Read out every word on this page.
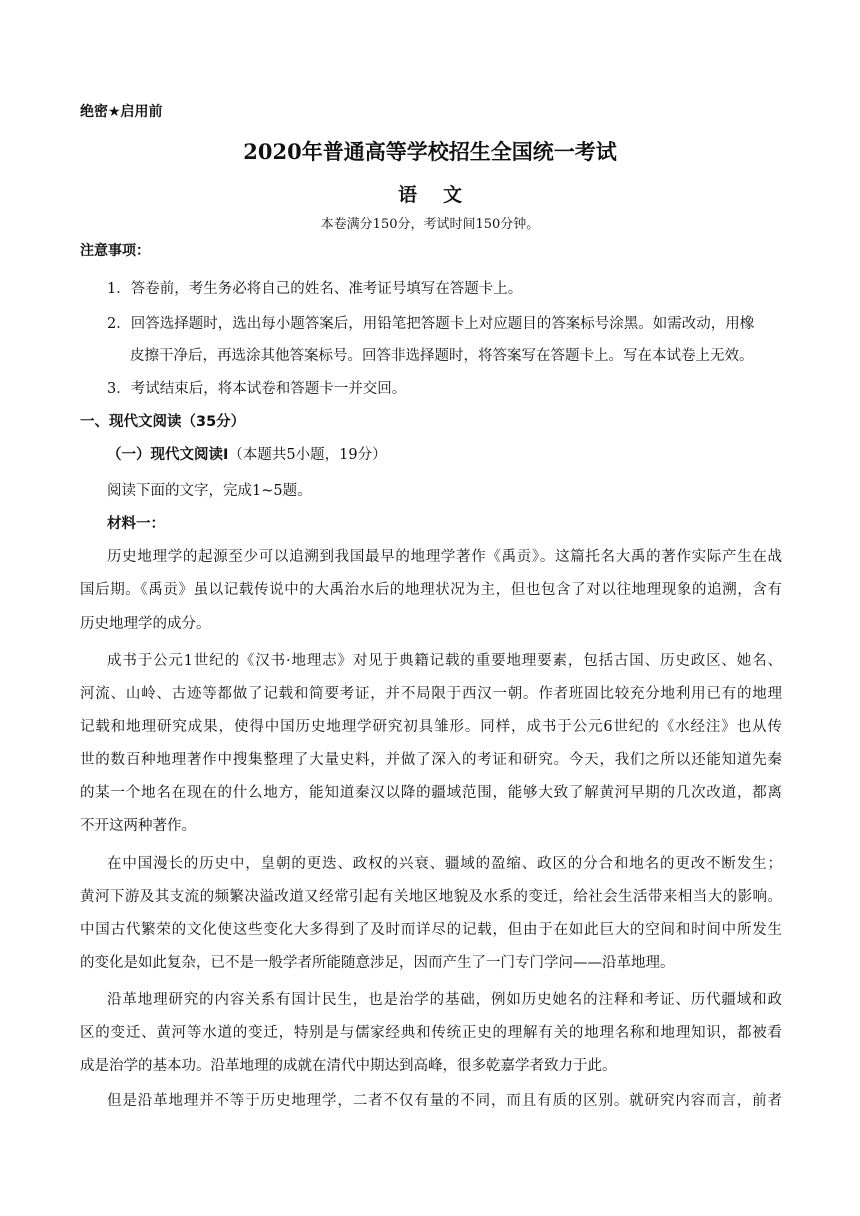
绝密★启用前
2020年普通高等学校招生全国统一考试
语文
本卷满分150分，考试时间150分钟。
注意事项：
1．答卷前，考生务必将自己的姓名、准考证号填写在答题卡上。
2．回答选择题时，选出每小题答案后，用铅笔把答题卡上对应题目的答案标号涂黑。如需改动，用橡
皮擦干净后，再选涂其他答案标号。回答非选择题时，将答案写在答题卡上。写在本试卷上无效。
3．考试结束后，将本试卷和答题卡一并交回。
一、现代文阅读（35分）
（一）现代文阅读Ⅰ（本题共5小题，19分）
阅读下面的文字，完成1~5题。
材料一：
历史地理学的起源至少可以追溯到我国最早的地理学著作《禹贡》。这篇托名大禹的著作实际产生在战
国后期。《禹贡》虽以记载传说中的大禹治水后的地理状况为主，但也包含了对以往地理现象的追溯，含有
历史地理学的成分。
成书于公元1世纪的《汉书·地理志》对见于典籍记载的重要地理要素，包括古国、历史政区、她名、
河流、山岭、古迹等都做了记载和简要考证，并不局限于西汉一朝。作者班固比较充分地利用已有的地理
记载和地理研究成果，使得中国历史地理学研究初具雏形。同样，成书于公元6世纪的《水经注》也从传
世的数百种地理著作中搜集整理了大量史料，并做了深入的考证和研究。今天，我们之所以还能知道先秦
的某一个地名在现在的什么地方，能知道秦汉以降的疆域范围，能够大致了解黄河早期的几次改道，都离
不开这两种著作。
在中国漫长的历史中，皇朝的更迭、政权的兴衰、疆域的盈缩、政区的分合和地名的更改不断发生；
黄河下游及其支流的频繁决溢改道又经常引起有关地区地貌及水系的变迁，给社会生活带来相当大的影响。
中国古代繁荣的文化使这些变化大多得到了及时而详尽的记载，但由于在如此巨大的空间和时间中所发生
的变化是如此复杂，已不是一般学者所能随意涉足，因而产生了一门专门学问——沿革地理。
沿革地理研究的内容关系有国计民生，也是治学的基础，例如历史她名的注释和考证、历代疆域和政
区的变迁、黄河等水道的变迁，特别是与儒家经典和传统正史的理解有关的地理名称和地理知识，都被看
成是治学的基本功。沿革地理的成就在清代中期达到高峰，很多乾嘉学者致力于此。
但是沿革地理并不等于历史地理学，二者不仅有量的不同，而且有质的区别。就研究内容而言，前者
